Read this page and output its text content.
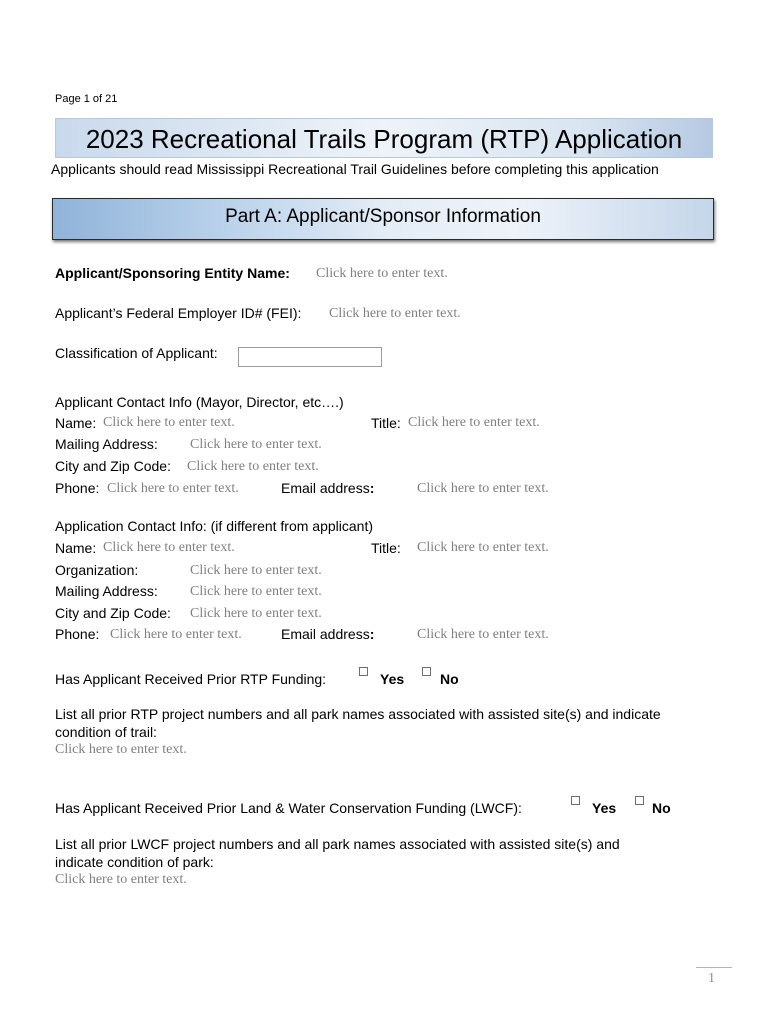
Page 1 of 21
2023 Recreational Trails Program (RTP) Application
Applicants should read Mississippi Recreational Trail Guidelines before completing this application
Part A: Applicant/Sponsor Information
Applicant/Sponsoring Entity Name: Click here to enter text.
Applicant’s Federal Employer ID# (FEI): Click here to enter text.
Classification of Applicant:
Applicant Contact Info (Mayor, Director, etc….)
Name: Click here to enter text.	Title: Click here to enter text.
Mailing Address: Click here to enter text.
City and Zip Code: Click here to enter text.
Phone: Click here to enter text.	Email address:	Click here to enter text.
Application Contact Info: (if different from applicant)
Name: Click here to enter text.	Title: Click here to enter text.
Organization:	Click here to enter text.
Mailing Address: Click here to enter text.
City and Zip Code: Click here to enter text.
Phone: Click here to enter text.	Email address:	Click here to enter text.
Has Applicant Received Prior RTP Funding:	Yes	No
List all prior RTP project numbers and all park names associated with assisted site(s) and indicate
condition of trail:
Click here to enter text.
Has Applicant Received Prior Land & Water Conservation Funding (LWCF):	Yes	No
List all prior LWCF project numbers and all park names associated with assisted site(s) and
indicate condition of park:
Click here to enter text.
1
